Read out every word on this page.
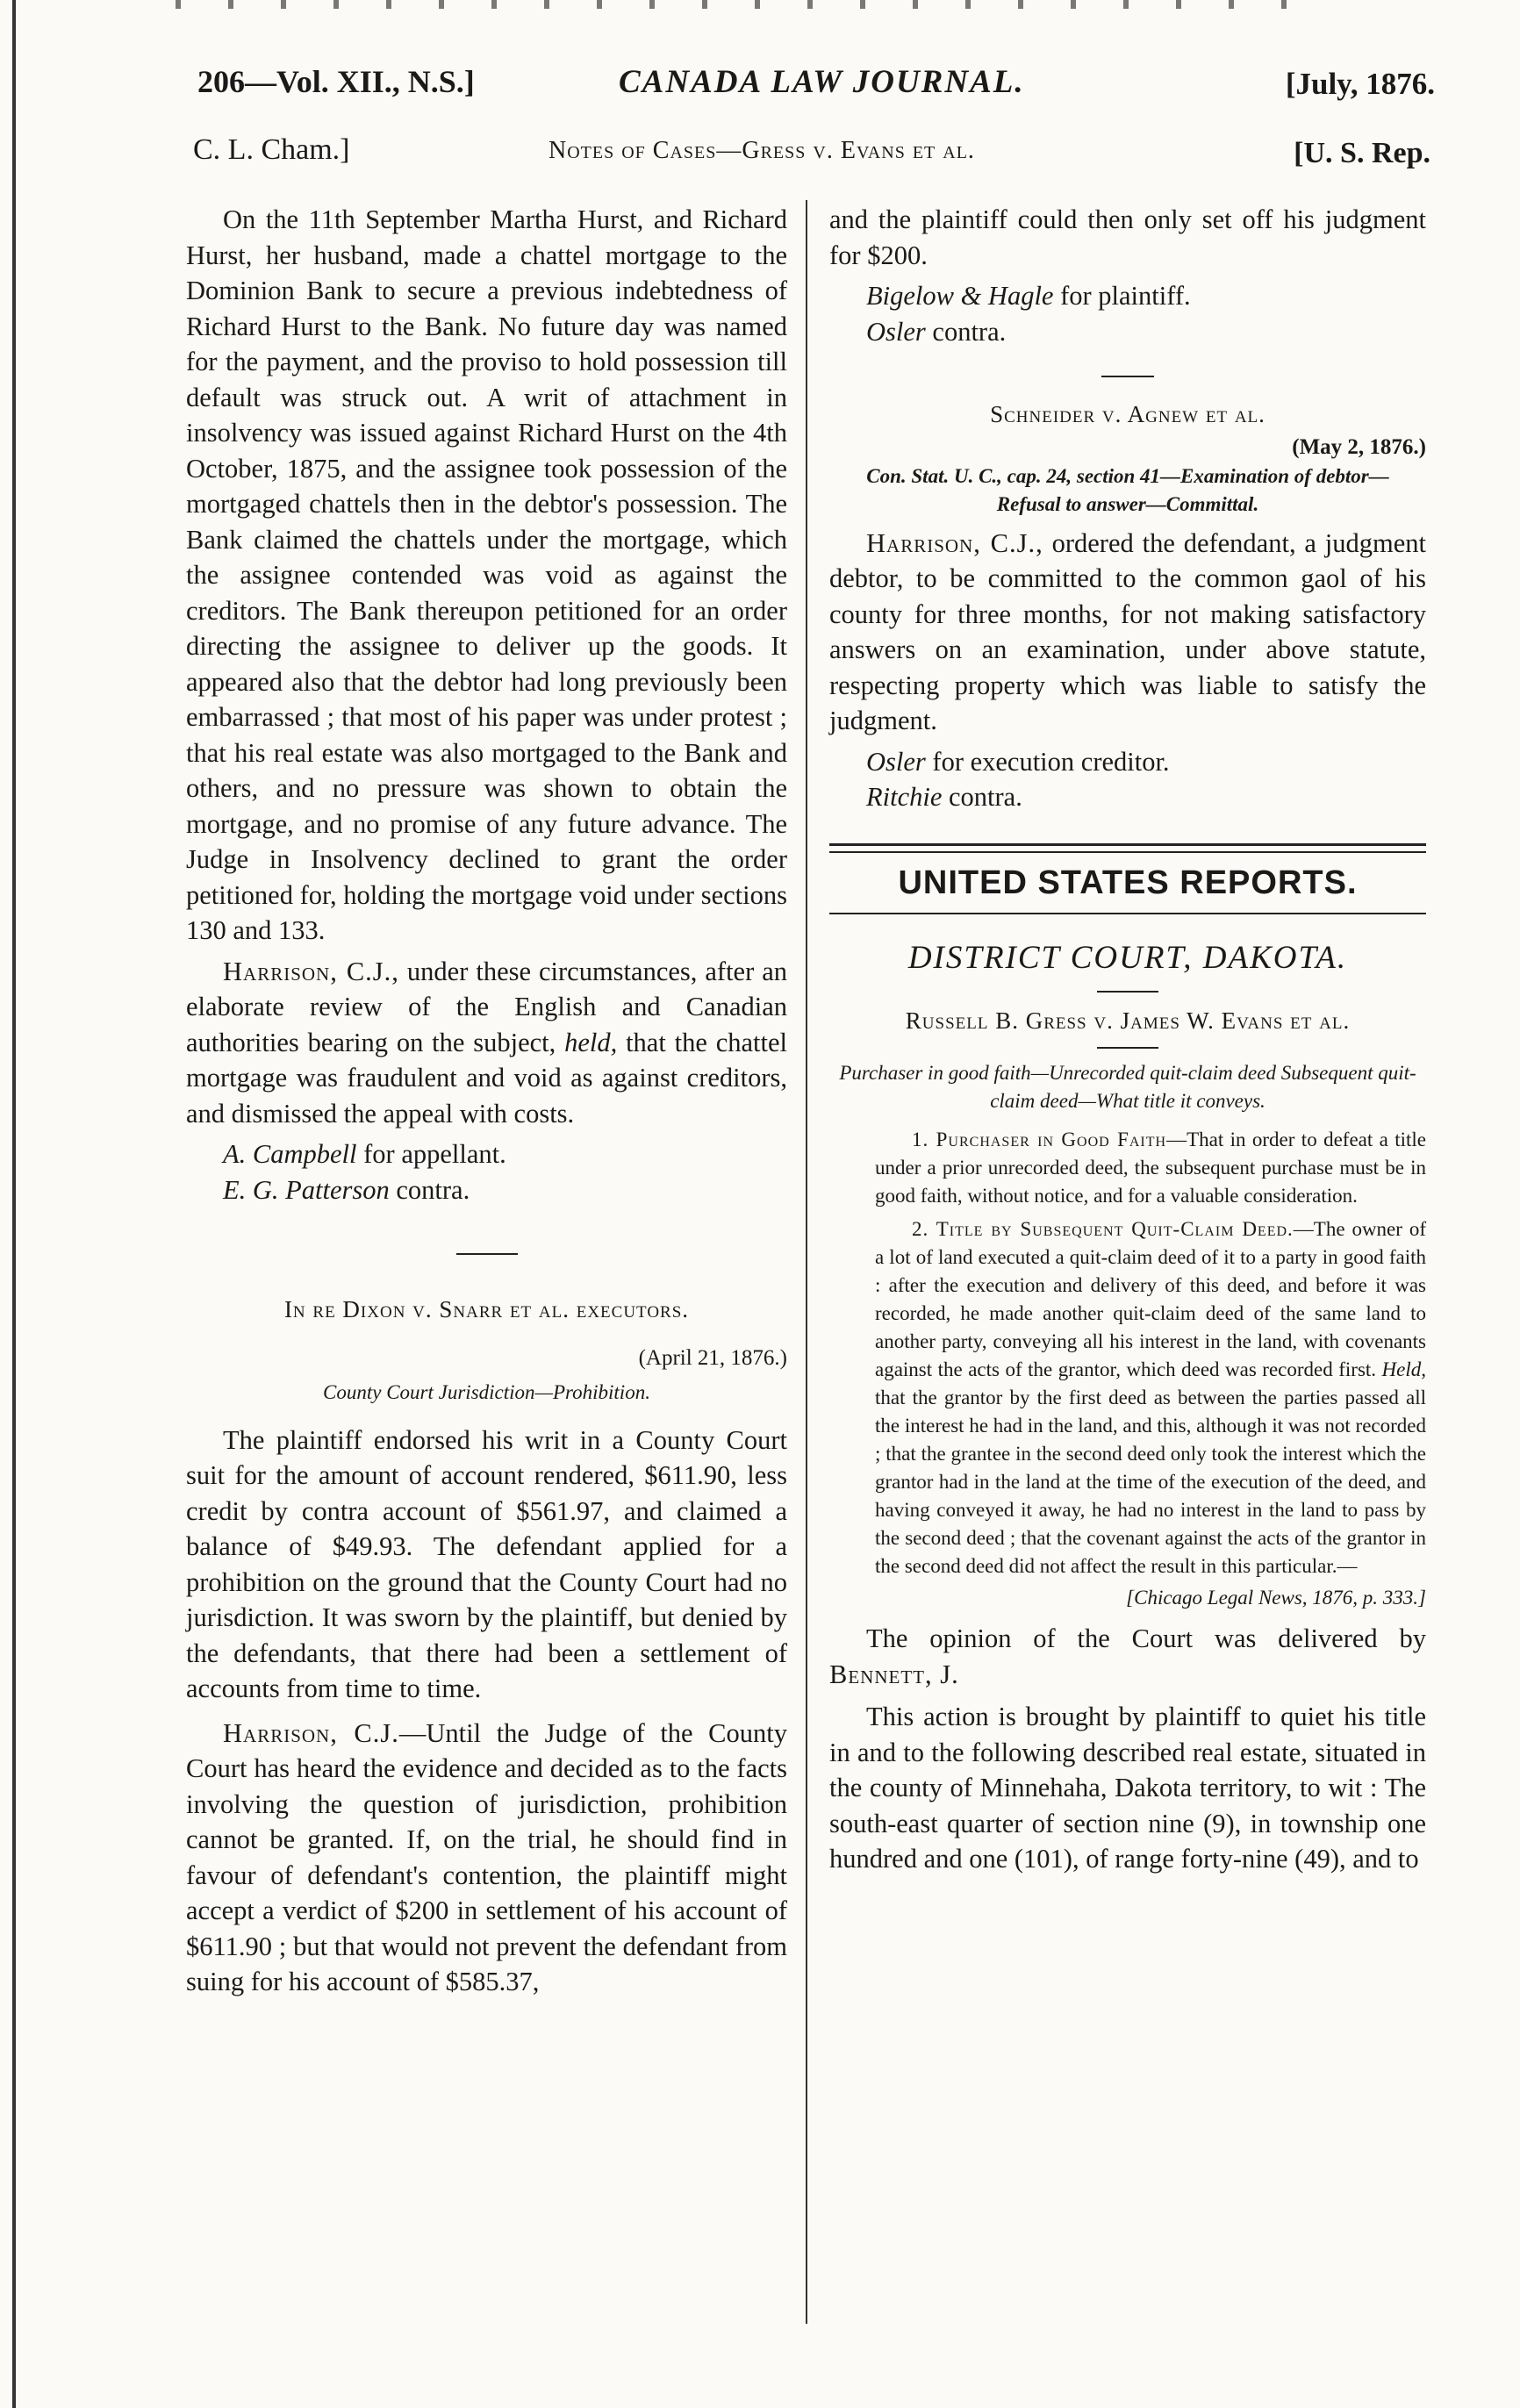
206—Vol. XII., N.S.]	CANADA LAW JOURNAL.	[July, 1876.
C. L. Cham.]	Notes of Cases—Gress v. Evans et al.	[U. S. Rep.

On the 11th September Martha Hurst, and Richard Hurst, her husband, made a chattel mortgage to the Dominion Bank to secure a previous indebtedness of Richard Hurst to the Bank. No future day was named for the payment, and the proviso to hold possession till default was struck out. A writ of attachment in insolvency was issued against Richard Hurst on the 4th October, 1875, and the assignee took possession of the mortgaged chattels then in the debtor's possession. The Bank claimed the chattels under the mortgage, which the assignee contended was void as against the creditors. The Bank thereupon petitioned for an order directing the assignee to deliver up the goods. It appeared also that the debtor had long previously been embarrassed ; that most of his paper was under protest ; that his real estate was also mortgaged to the Bank and others, and no pressure was shown to obtain the mortgage, and no promise of any future advance. The Judge in Insolvency declined to grant the order petitioned for, holding the mortgage void under sections 130 and 133.

Harrison, C.J., under these circumstances, after an elaborate review of the English and Canadian authorities bearing on the subject, held, that the chattel mortgage was fraudulent and void as against creditors, and dismissed the appeal with costs.

A. Campbell for appellant.

E. G. Patterson contra.

In re Dixon v. Snarr et al. executors.

(April 21, 1876.)

County Court Jurisdiction—Prohibition.

The plaintiff endorsed his writ in a County Court suit for the amount of account rendered, $611.90, less credit by contra account of $561.97, and claimed a balance of $49.93. The defendant applied for a prohibition on the ground that the County Court had no jurisdiction. It was sworn by the plaintiff, but denied by the defendants, that there had been a settlement of accounts from time to time.

Harrison, C.J.—Until the Judge of the County Court has heard the evidence and decided as to the facts involving the question of jurisdiction, prohibition cannot be granted. If, on the trial, he should find in favour of defendant's contention, the plaintiff might accept a verdict of $200 in settlement of his account of $611.90 ; but that would not prevent the defendant from suing for his account of $585.37,

and the plaintiff could then only set off his judgment for $200.

Bigelow & Hagle for plaintiff.

Osler contra.

Schneider v. Agnew et al.

(May 2, 1876.)

Con. Stat. U. C., cap. 24, section 41—Examination of debtor—Refusal to answer—Committal.

Harrison, C.J., ordered the defendant, a judgment debtor, to be committed to the common gaol of his county for three months, for not making satisfactory answers on an examination, under above statute, respecting property which was liable to satisfy the judgment.

Osler for execution creditor.

Ritchie contra.

UNITED STATES REPORTS.

DISTRICT COURT, DAKOTA.

Russell B. Gress v. James W. Evans et al.

Purchaser in good faith—Unrecorded quit-claim deed Subsequent quit-claim deed—What title it conveys.

1. Purchaser in Good Faith—That in order to defeat a title under a prior unrecorded deed, the subsequent purchase must be in good faith, without notice, and for a valuable consideration.

2. Title by Subsequent Quit-Claim Deed.—The owner of a lot of land executed a quit-claim deed of it to a party in good faith : after the execution and delivery of this deed, and before it was recorded, he made another quit-claim deed of the same land to another party, conveying all his interest in the land, with covenants against the acts of the grantor, which deed was recorded first. Held, that the grantor by the first deed as between the parties passed all the interest he had in the land, and this, although it was not recorded ; that the grantee in the second deed only took the interest which the grantor had in the land at the time of the execution of the deed, and having conveyed it away, he had no interest in the land to pass by the second deed ; that the covenant against the acts of the grantor in the second deed did not affect the result in this particular.—

[Chicago Legal News, 1876, p. 333.]

The opinion of the Court was delivered by Bennett, J.

This action is brought by plaintiff to quiet his title in and to the following described real estate, situated in the county of Minnehaha, Dakota territory, to wit : The south-east quarter of section nine (9), in township one hundred and one (101), of range forty-nine (49), and to
